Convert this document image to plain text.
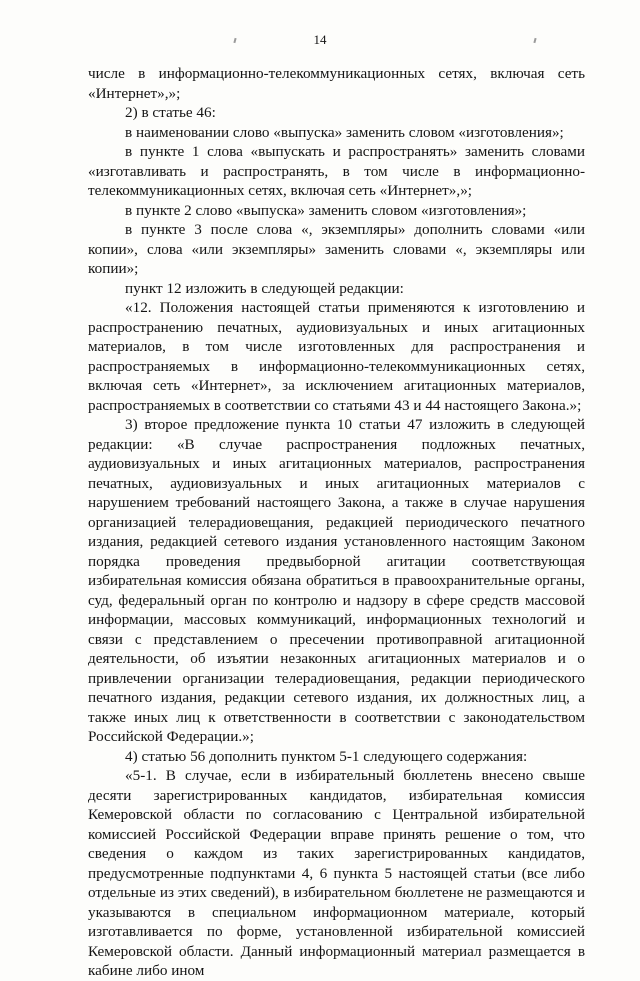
14

числе в информационно-телекоммуникационных сетях, включая сеть «Интернет»,»;

2) в статье 46:

в наименовании слово «выпуска» заменить словом «изготовления»;

в пункте 1 слова «выпускать и распространять» заменить словами «изготавливать и распространять, в том числе в информационно-телекоммуникационных сетях, включая сеть «Интернет»,»;

в пункте 2 слово «выпуска» заменить словом «изготовления»;

в пункте 3 после слова «, экземпляры» дополнить словами «или копии», слова «или экземпляры» заменить словами «, экземпляры или копии»;

пункт 12 изложить в следующей редакции:

«12. Положения настоящей статьи применяются к изготовлению и распространению печатных, аудиовизуальных и иных агитационных материалов, в том числе изготовленных для распространения и распространяемых в информационно-телекоммуникационных сетях, включая сеть «Интернет», за исключением агитационных материалов, распространяемых в соответствии со статьями 43 и 44 настоящего Закона.»;

3) второе предложение пункта 10 статьи 47 изложить в следующей редакции: «В случае распространения подложных печатных, аудиовизуальных и иных агитационных материалов, распространения печатных, аудиовизуальных и иных агитационных материалов с нарушением требований настоящего Закона, а также в случае нарушения организацией телерадиовещания, редакцией периодического печатного издания, редакцией сетевого издания установленного настоящим Законом порядка проведения предвыборной агитации соответствующая избирательная комиссия обязана обратиться в правоохранительные органы, суд, федеральный орган по контролю и надзору в сфере средств массовой информации, массовых коммуникаций, информационных технологий и связи с представлением о пресечении противоправной агитационной деятельности, об изъятии незаконных агитационных материалов и о привлечении организации телерадиовещания, редакции периодического печатного издания, редакции сетевого издания, их должностных лиц, а также иных лиц к ответственности в соответствии с законодательством Российской Федерации.»;

4) статью 56 дополнить пунктом 5-1 следующего содержания:

«5-1. В случае, если в избирательный бюллетень внесено свыше десяти зарегистрированных кандидатов, избирательная комиссия Кемеровской области по согласованию с Центральной избирательной комиссией Российской Федерации вправе принять решение о том, что сведения о каждом из таких зарегистрированных кандидатов, предусмотренные подпунктами 4, 6 пункта 5 настоящей статьи (все либо отдельные из этих сведений), в избирательном бюллетене не размещаются и указываются в специальном информационном материале, который изготавливается по форме, установленной избирательной комиссией Кемеровской области. Данный информационный материал размещается в кабине либо ином
